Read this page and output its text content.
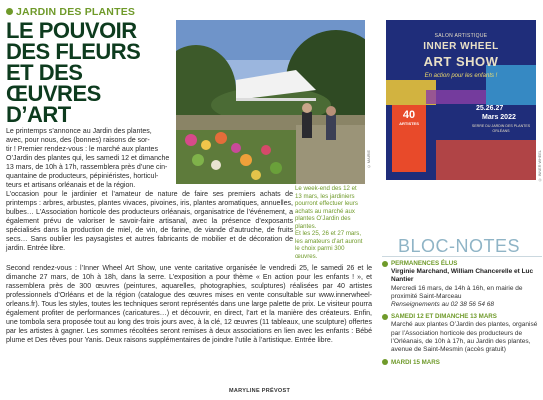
JARDIN DES PLANTES
LE POUVOIR
DES FLEURS
ET DES ŒUVRES
D’ART
© MAIRIE
SALON ARTISTIQUE
INNER WHEEL
ART SHOW
En action pour les enfants !
40
ARTISTES
25.26.27
Mars 2022
SERRE DU JARDIN DES PLANTES ORLÉANS
© INNER WHEEL

Le printemps s’annonce au Jardin des plantes,

avec, pour nous, des (bonnes) raisons de sor-

tir ! Premier rendez-vous : le marché aux plantes

O’Jardin des plantes qui, les samedi 12 et dimanche

13 mars, de 10h à 17h, rassemblera près d’une cin-

quantaine de producteurs, pépiniéristes, horticul-

teurs et artisans orléanais et de la région.	Le week-end des 12 et 13 mars, les jardiniers pourront effectuer leurs achats au marché aux plantes O’Jardin des plantes.

Et les 25, 26 et 27 mars, les amateurs d’art auront le choix parmi 300 œuvres.

L’occasion pour le jardinier et l’amateur de nature de faire ses premiers achats de printemps : arbres, arbustes, plantes vivaces, pivoines, iris, plantes aromatiques, annuelles, bulbes… L’Association horticole des producteurs orléanais, organisatrice de l’événement, a également prévu de valoriser le savoir-faire artisanal, avec la présence d’exposants spécialisés dans la production de miel, de vin, de farine, de viande d’autruche, de fruits secs… Sans oublier les paysagistes et autres fabricants de mobilier et de décoration de jardin. Entrée libre.

Second rendez-vous : l’Inner Wheel Art Show, une vente caritative organisée le vendredi 25, le samedi 26 et le dimanche 27 mars, de 10h à 18h, dans la serre. L’exposition a pour thème « En action pour les enfants ! », et rassemblera près de 300 œuvres (peintures, aquarelles, photographies, sculptures) réalisées par 40 artistes professionnels d’Orléans et de la région (catalogue des œuvres mises en vente consultable sur www.innerwheel-orleans.fr). Tous les styles, toutes les techniques seront représentés dans une large palette de prix. Le visiteur pourra également profiter de performances (caricatures…) et découvrir, en direct, l’art et la manière des créateurs. Enfin, une tombola sera proposée tout au long des trois jours avec, à la clé, 12 œuvres (11 tableaux, une sculpture) offertes par les artistes à gagner. Les sommes récoltées seront remises à deux associations en lien avec les enfants : Bébé plume et Des rêves pour Yanis. Deux raisons supplémentaires de joindre l’utile à l’artistique. Entrée libre.

MARYLINE PRÉVOST
BLOC-NOTES
PERMANENCES ÉLUS
Virginie Marchand, William Chancerelle et Luc Nantier
Mercredi 16 mars, de 14h à 16h, en mairie de proximité Saint-Marceau
Renseignements au 02 38 56 54 68
SAMEDI 12 ET DIMANCHE 13 MARS
Marché aux plantes O’Jardin des plantes, organisé par l’Association horticole des producteurs de l’Orléanais, de 10h à 17h, au Jardin des plantes, avenue de Saint-Mesmin (accès gratuit)
MARDI 15 MARS
